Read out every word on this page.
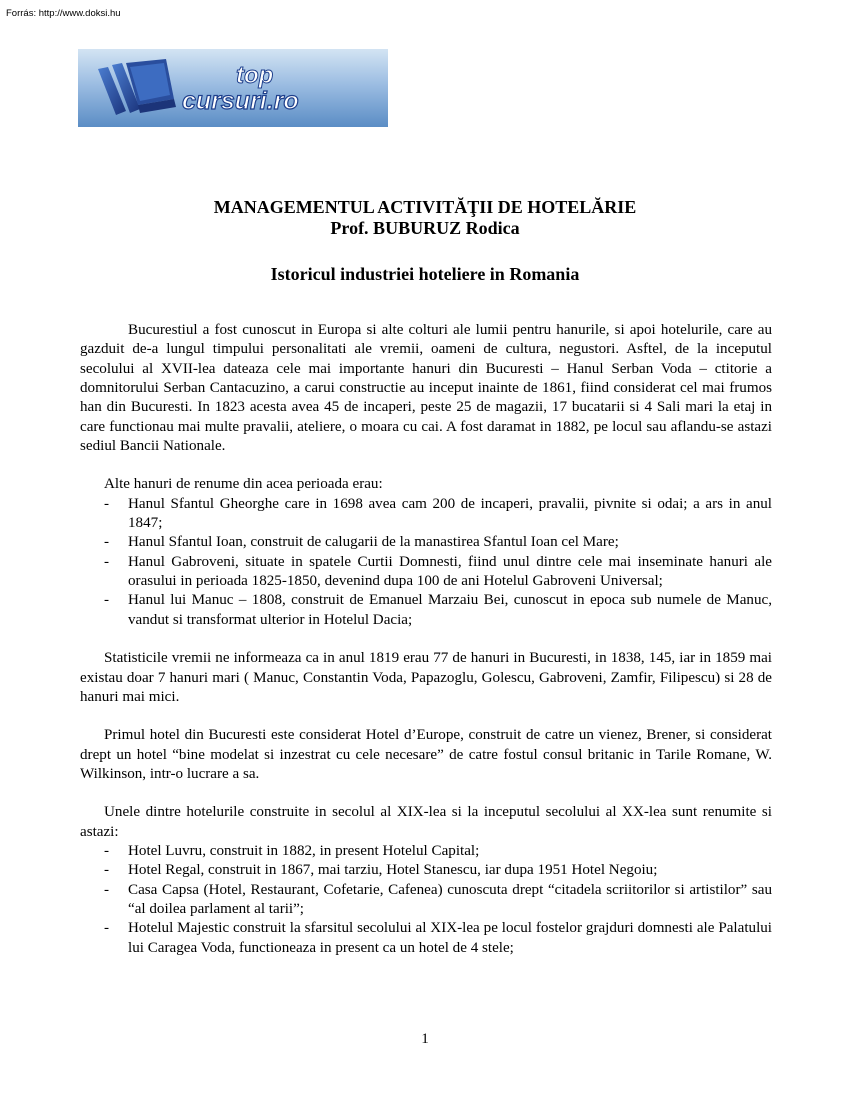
Forrás: http://www.doksi.hu
top
cursuri.ro
MANAGEMENTUL ACTIVITĂŢII DE HOTELĂRIE
Prof. BUBURUZ Rodica
Istoricul industriei hoteliere in Romania

Bucurestiul a fost cunoscut in Europa si alte colturi ale lumii pentru hanurile, si apoi hotelurile, care au gazduit de-a lungul timpului personalitati ale vremii, oameni de cultura, negustori. Asftel, de la inceputul secolului al XVII-lea dateaza cele mai importante hanuri din Bucuresti – Hanul Serban Voda – ctitorie a domnitorului Serban Cantacuzino, a carui constructie au inceput inainte de 1861, fiind considerat cel mai frumos han din Bucuresti. In 1823 acesta avea 45 de incaperi, peste 25 de magazii, 17 bucatarii si 4 Sali mari la etaj in care functionau mai multe pravalii, ateliere, o moara cu cai. A fost daramat in 1882, pe locul sau aflandu-se astazi sediul Bancii Nationale.

Alte hanuri de renume din acea perioada erau:

- Hanul Sfantul Gheorghe care in 1698 avea cam 200 de incaperi, pravalii, pivnite si odai; a ars in anul 1847;
- Hanul Sfantul Ioan, construit de calugarii de la manastirea Sfantul Ioan cel Mare;
- Hanul Gabroveni, situate in spatele Curtii Domnesti, fiind unul dintre cele mai inseminate hanuri ale orasului in perioada 1825-1850, devenind dupa 100 de ani Hotelul Gabroveni Universal;
- Hanul lui Manuc – 1808, construit de Emanuel Marzaiu Bei, cunoscut in epoca sub numele de Manuc, vandut si transformat ulterior in Hotelul Dacia;

Statisticile vremii ne informeaza ca in anul 1819 erau 77 de hanuri in Bucuresti, in 1838, 145, iar in 1859 mai existau doar 7 hanuri mari ( Manuc, Constantin Voda, Papazoglu, Golescu, Gabroveni, Zamfir, Filipescu) si 28 de hanuri mai mici.

Primul hotel din Bucuresti este considerat Hotel d’Europe, construit de catre un vienez, Brener, si considerat drept un hotel “bine modelat si inzestrat cu cele necesare” de catre fostul consul britanic in Tarile Romane, W. Wilkinson, intr-o lucrare a sa.

Unele dintre hotelurile construite in secolul al XIX-lea si la inceputul secolului al XX-lea sunt renumite si astazi:

- Hotel Luvru, construit in 1882, in present Hotelul Capital;
- Hotel Regal, construit in 1867, mai tarziu, Hotel Stanescu, iar dupa 1951 Hotel Negoiu;
- Casa Capsa (Hotel, Restaurant, Cofetarie, Cafenea) cunoscuta drept “citadela scriitorilor si artistilor” sau “al doilea parlament al tarii”;
- Hotelul Majestic construit la sfarsitul secolului al XIX-lea pe locul fostelor grajduri domnesti ale Palatului lui Caragea Voda, functioneaza in present ca un hotel de 4 stele;
1
